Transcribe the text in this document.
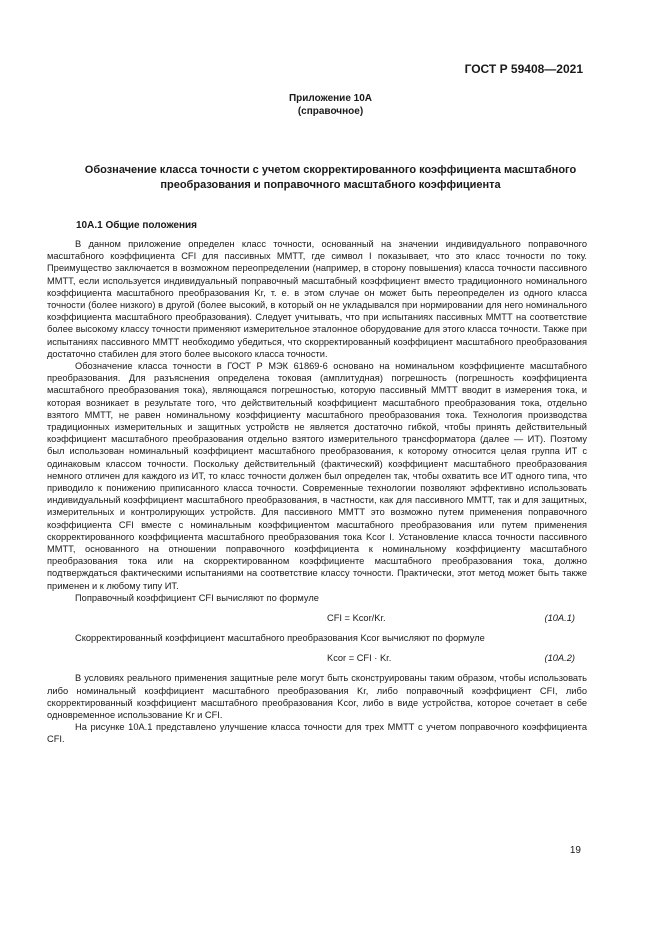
ГОСТ Р 59408—2021
Приложение 10А
(справочное)
Обозначение класса точности с учетом скорректированного коэффициента масштабного преобразования и поправочного масштабного коэффициента
10А.1 Общие положения

В данном приложение определен класс точности, основанный на значении индивидуального поправочного масштабного коэффициента CFI для пассивных ММТТ, где символ I показывает, что это класс точности по току. Преимущество заключается в возможном переопределении (например, в сторону повышения) класса точности пассивного ММТТ, если используется индивидуальный поправочный масштабный коэффициент вместо традиционного номинального коэффициента масштабного преобразования Kr, т. е. в этом случае он может быть переопределен из одного класса точности (более низкого) в другой (более высокий, в который он не укладывался при нормировании для него номинального коэффициента масштабного преобразования). Следует учитывать, что при испытаниях пассивных ММТТ на соответствие более высокому классу точности применяют измерительное эталонное оборудование для этого класса точности. Также при испытаниях пассивного ММТТ необходимо убедиться, что скорректированный коэффициент масштабного преобразования достаточно стабилен для этого более высокого класса точности.

Обозначение класса точности в ГОСТ Р МЭК 61869-6 основано на номинальном коэффициенте масштабного преобразования. Для разъяснения определена токовая (амплитудная) погрешность (погрешность коэффициента масштабного преобразования тока), являющаяся погрешностью, которую пассивный ММТТ вводит в измерения тока, и которая возникает в результате того, что действительный коэффициент масштабного преобразования тока, отдельно взятого ММТТ, не равен номинальному коэффициенту масштабного преобразования тока. Технология производства традиционных измерительных и защитных устройств не является достаточно гибкой, чтобы принять действительный коэффициент масштабного преобразования отдельно взятого измерительного трансформатора (далее — ИТ). Поэтому был использован номинальный коэффициент масштабного преобразования, к которому относится целая группа ИТ с одинаковым классом точности. Поскольку действительный (фактический) коэффициент масштабного преобразования немного отличен для каждого из ИТ, то класс точности должен был определен так, чтобы охватить все ИТ одного типа, что приводило к понижению приписанного класса точности. Современные технологии позволяют эффективно использовать индивидуальный коэффициент масштабного преобразования, в частности, как для пассивного ММТТ, так и для защитных, измерительных и контролирующих устройств. Для пассивного ММТТ это возможно путем применения поправочного коэффициента CFI вместе с номинальным коэффициентом масштабного преобразования или путем применения скорректированного коэффициента масштабного преобразования тока Kcor I. Установление класса точности пассивного ММТТ, основанного на отношении поправочного коэффициента к номинальному коэффициенту масштабного преобразования тока или на скорректированном коэффициенте масштабного преобразования тока, должно подтверждаться фактическими испытаниями на соответствие классу точности. Практически, этот метод может быть также применен и к любому типу ИТ.

Поправочный коэффициент CFI вычисляют по формуле

CFI = Kcor/Kr.	(10A.1)

Скорректированный коэффициент масштабного преобразования Kcor вычисляют по формуле

Kcor = CFI · Kr.	(10A.2)

В условиях реального применения защитные реле могут быть сконструированы таким образом, чтобы использовать либо номинальный коэффициент масштабного преобразования Kr, либо поправочный коэффициент CFI, либо скорректированный коэффициент масштабного преобразования Kcor, либо в виде устройства, которое сочетает в себе одновременное использование Kr и CFI.

На рисунке 10А.1 представлено улучшение класса точности для трех ММТТ с учетом поправочного коэффициента CFI.

19
